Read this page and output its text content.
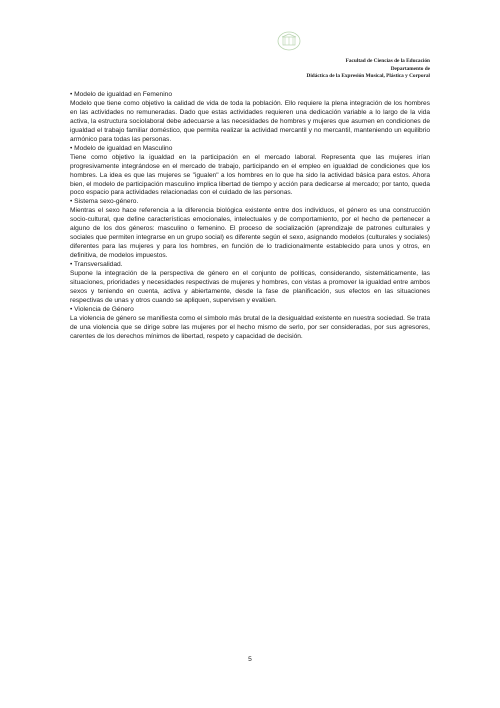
Facultad de Ciencias de la Educación
Departamento de
Didáctica de la Expresión Musical, Plástica y Corporal
• Modelo de igualdad en Femenino

Modelo que tiene como objetivo la calidad de vida de toda la población. Ello requiere la plena integración de los hombres en las actividades no remuneradas. Dado que estas actividades requieren una dedicación variable a lo largo de la vida activa, la estructura sociolaboral debe adecuarse a las necesidades de hombres y mujeres que asumen en condiciones de igualdad el trabajo familiar doméstico, que permita realizar la actividad mercantil y no mercantil, manteniendo un equilibrio armónico para todas las personas.

• Modelo de igualdad en Masculino

Tiene como objetivo la igualdad en la participación en el mercado laboral. Representa que las mujeres irían progresivamente integrándose en el mercado de trabajo, participando en el empleo en igualdad de condiciones que los hombres. La idea es que las mujeres se "igualen" a los hombres en lo que ha sido la actividad básica para estos. Ahora bien, el modelo de participación masculino implica libertad de tiempo y acción para dedicarse al mercado; por tanto, queda poco espacio para actividades relacionadas con el cuidado de las personas.

• Sistema sexo-género.

Mientras el sexo hace referencia a la diferencia biológica existente entre dos individuos, el género es una construcción socio-cultural, que define características emocionales, intelectuales y de comportamiento, por el hecho de pertenecer a alguno de los dos géneros: masculino o femenino. El proceso de socialización (aprendizaje de patrones culturales y sociales que permiten integrarse en un grupo social) es diferente según el sexo, asignando modelos (culturales y sociales) diferentes para las mujeres y para los hombres, en función de lo tradicionalmente establecido para unos y otros, en definitiva, de modelos impuestos.

• Transversalidad.

Supone la integración de la perspectiva de género en el conjunto de políticas, considerando, sistemáticamente, las situaciones, prioridades y necesidades respectivas de mujeres y hombres, con vistas a promover la igualdad entre ambos sexos y teniendo en cuenta, activa y abiertamente, desde la fase de planificación, sus efectos en las situaciones respectivas de unas y otros cuando se apliquen, supervisen y evalúen.

• Violencia de Género

La violencia de género se manifiesta como el símbolo más brutal de la desigualdad existente en nuestra sociedad. Se trata de una violencia que se dirige sobre las mujeres por el hecho mismo de serlo, por ser consideradas, por sus agresores, carentes de los derechos mínimos de libertad, respeto y capacidad de decisión.

5
